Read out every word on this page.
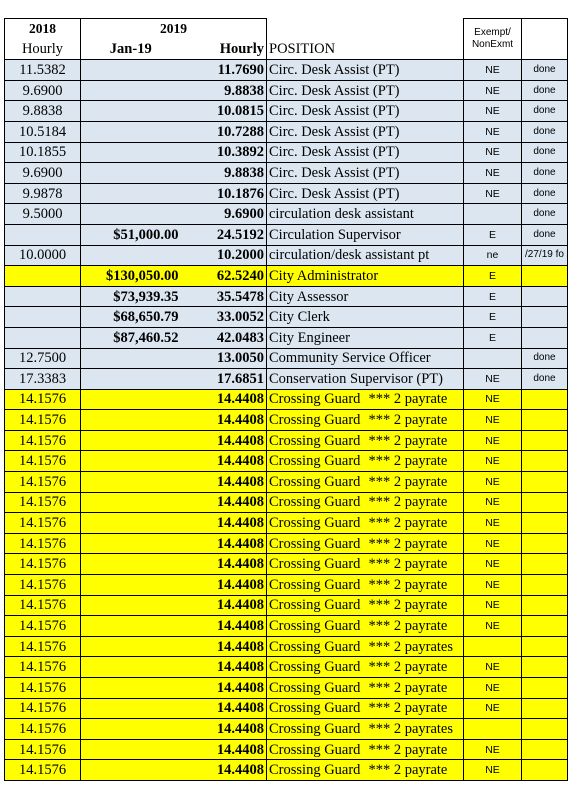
2018	2019			Exempt/
NonExmt	
Hourly	Jan-19	Hourly	POSITION		
11.5382		11.7690	Circ. Desk Assist (PT)	NE	done
9.6900		9.8838	Circ. Desk Assist (PT)	NE	done
9.8838		10.0815	Circ. Desk Assist (PT)	NE	done
10.5184		10.7288	Circ. Desk Assist (PT)	NE	done
10.1855		10.3892	Circ. Desk Assist (PT)	NE	done
9.6900		9.8838	Circ. Desk Assist (PT)	NE	done
9.9878		10.1876	Circ. Desk Assist (PT)	NE	done
9.5000		9.6900	circulation desk assistant		done
	$51,000.00	24.5192	Circulation Supervisor	E	done
10.0000		10.2000	circulation/desk assistant pt	ne	/27/19 fo
	$130,050.00	62.5240	City Administrator	E	
	$73,939.35	35.5478	City Assessor	E	
	$68,650.79	33.0052	City Clerk	E	
	$87,460.52	42.0483	City Engineer	E	
12.7500		13.0050	Community Service Officer		done
17.3383		17.6851	Conservation Supervisor (PT)	NE	done
14.1576		14.4408	Crossing Guard *** 2 payrate	NE	
14.1576		14.4408	Crossing Guard *** 2 payrate	NE	
14.1576		14.4408	Crossing Guard *** 2 payrate	NE	
14.1576		14.4408	Crossing Guard *** 2 payrate	NE	
14.1576		14.4408	Crossing Guard *** 2 payrate	NE	
14.1576		14.4408	Crossing Guard *** 2 payrate	NE	
14.1576		14.4408	Crossing Guard *** 2 payrate	NE	
14.1576		14.4408	Crossing Guard *** 2 payrate	NE	
14.1576		14.4408	Crossing Guard *** 2 payrate	NE	
14.1576		14.4408	Crossing Guard *** 2 payrate	NE	
14.1576		14.4408	Crossing Guard *** 2 payrate	NE	
14.1576		14.4408	Crossing Guard *** 2 payrate	NE	
14.1576		14.4408	Crossing Guard *** 2 payrates		
14.1576		14.4408	Crossing Guard *** 2 payrate	NE	
14.1576		14.4408	Crossing Guard *** 2 payrate	NE	
14.1576		14.4408	Crossing Guard *** 2 payrate	NE	
14.1576		14.4408	Crossing Guard *** 2 payrates		
14.1576		14.4408	Crossing Guard *** 2 payrate	NE	
14.1576		14.4408	Crossing Guard *** 2 payrate	NE	
